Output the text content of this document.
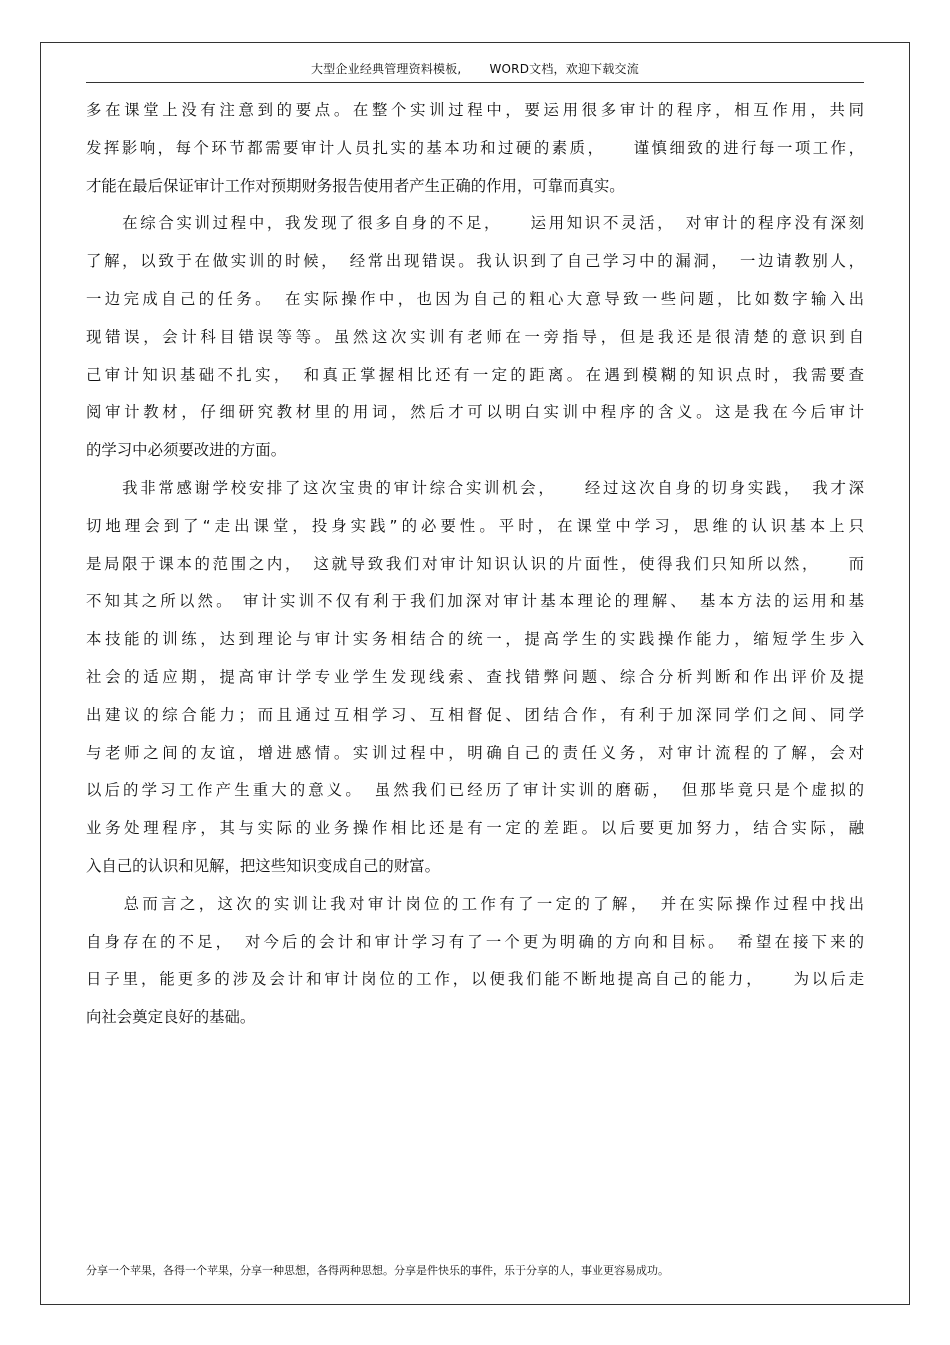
大型企业经典管理资料模板, WORD文档，欢迎下载交流
多在课堂上没有注意到的要点。在整个实训过程中，要运用很多审计的程序，相互作用，共同
发挥影响，每个环节都需要审计人员扎实的基本功和过硬的素质，　　谨慎细致的进行每一项工作，
才能在最后保证审计工作对预期财务报告使用者产生正确的作用，可靠而真实。
　　在综合实训过程中，我发现了很多自身的不足，　　运用知识不灵活，　对审计的程序没有深刻
了解，以致于在做实训的时候，　经常出现错误。我认识到了自己学习中的漏洞，　一边请教别人，
一边完成自己的任务。　在实际操作中，也因为自己的粗心大意导致一些问题，比如数字输入出
现错误，会计科目错误等等。虽然这次实训有老师在一旁指导，但是我还是很清楚的意识到自
己审计知识基础不扎实，　和真正掌握相比还有一定的距离。在遇到模糊的知识点时，我需要查
阅审计教材，仔细研究教材里的用词，然后才可以明白实训中程序的含义。这是我在今后审计
的学习中必须要改进的方面。
　　我非常感谢学校安排了这次宝贵的审计综合实训机会，　　经过这次自身的切身实践，　我才深
切地理会到了“走出课堂，投身实践”的必要性。平时，在课堂中学习，思维的认识基本上只
是局限于课本的范围之内，　这就导致我们对审计知识认识的片面性，使得我们只知所以然，　　而
不知其之所以然。 审计实训不仅有利于我们加深对审计基本理论的理解、　基本方法的运用和基
本技能的训练，达到理论与审计实务相结合的统一，提高学生的实践操作能力，缩短学生步入
社会的适应期，提高审计学专业学生发现线索、查找错弊问题、综合分析判断和作出评价及提
出建议的综合能力；而且通过互相学习、互相督促、团结合作，有利于加深同学们之间、同学
与老师之间的友谊，增进感情。实训过程中，明确自己的责任义务，对审计流程的了解，会对
以后的学习工作产生重大的意义。　虽然我们已经历了审计实训的磨砺，　但那毕竟只是个虚拟的
业务处理程序，其与实际的业务操作相比还是有一定的差距。以后要更加努力，结合实际，融
入自己的认识和见解，把这些知识变成自己的财富。
　　总而言之，这次的实训让我对审计岗位的工作有了一定的了解，　并在实际操作过程中找出
自身存在的不足，　对今后的会计和审计学习有了一个更为明确的方向和目标。　希望在接下来的
日子里，能更多的涉及会计和审计岗位的工作，以便我们能不断地提高自己的能力，　　为以后走
向社会奠定良好的基础。
分享一个苹果，各得一个苹果，分享一种思想，各得两种思想。分享是件快乐的事件，乐于分享的人，事业更容易成功。
